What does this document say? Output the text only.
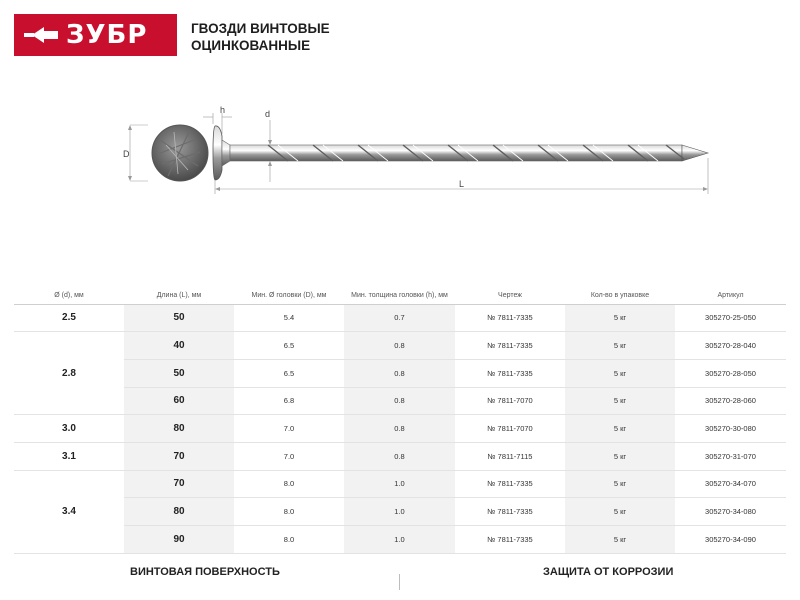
ЗУБР	ГВОЗДИ ВИНТОВЫЕ
ОЦИНКОВАННЫЕ
D
h	d
L
Ø (d), мм	Длина (L), мм	Мин. Ø головки (D), мм	Мин. толщина головки (h), мм	Чертеж	Кол-во в упаковке	Артикул
2.5	50	5.4	0.7	№ 7811-7335	5 кг	305270-25-050
2.8	40	6.5	0.8	№ 7811-7335	5 кг	305270-28-040
	50	6.5	0.8	№ 7811-7335	5 кг	305270-28-050
	60	6.8	0.8	№ 7811-7070	5 кг	305270-28-060
3.0	80	7.0	0.8	№ 7811-7070	5 кг	305270-30-080
3.1	70	7.0	0.8	№ 7811-7115	5 кг	305270-31-070
3.4	70	8.0	1.0	№ 7811-7335	5 кг	305270-34-070
	80	8.0	1.0	№ 7811-7335	5 кг	305270-34-080
	90	8.0	1.0	№ 7811-7335	5 кг	305270-34-090
ВИНТОВАЯ ПОВЕРХНОСТЬ	ЗАЩИТА ОТ КОРРОЗИИ
